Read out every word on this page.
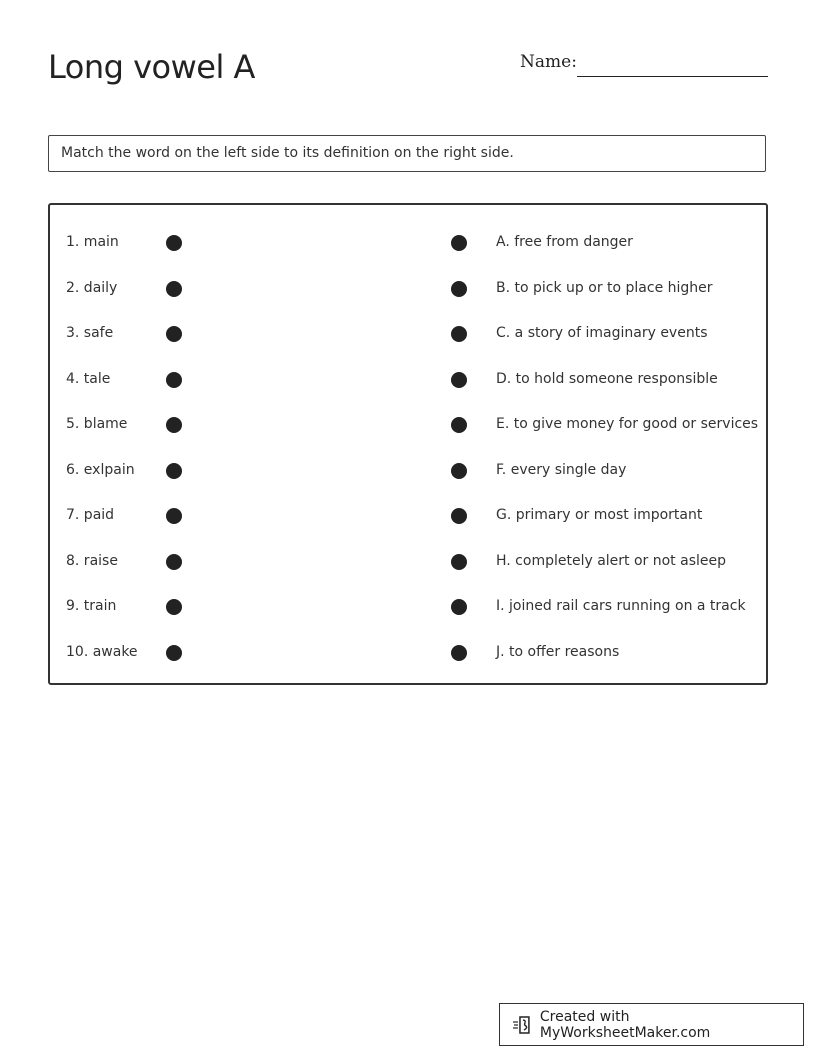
Long vowel A	Name:
Match the word on the left side to its definition on the right side.
1. main	A. free from danger
2. daily	B. to pick up or to place higher
3. safe	C. a story of imaginary events
4. tale	D. to hold someone responsible
5. blame	E. to give money for good or services
6. exlpain	F. every single day
7. paid	G. primary or most important
8. raise	H. completely alert or not asleep
9. train	I. joined rail cars running on a track
10. awake	J. to offer reasons
Created with MyWorksheetMaker.com
